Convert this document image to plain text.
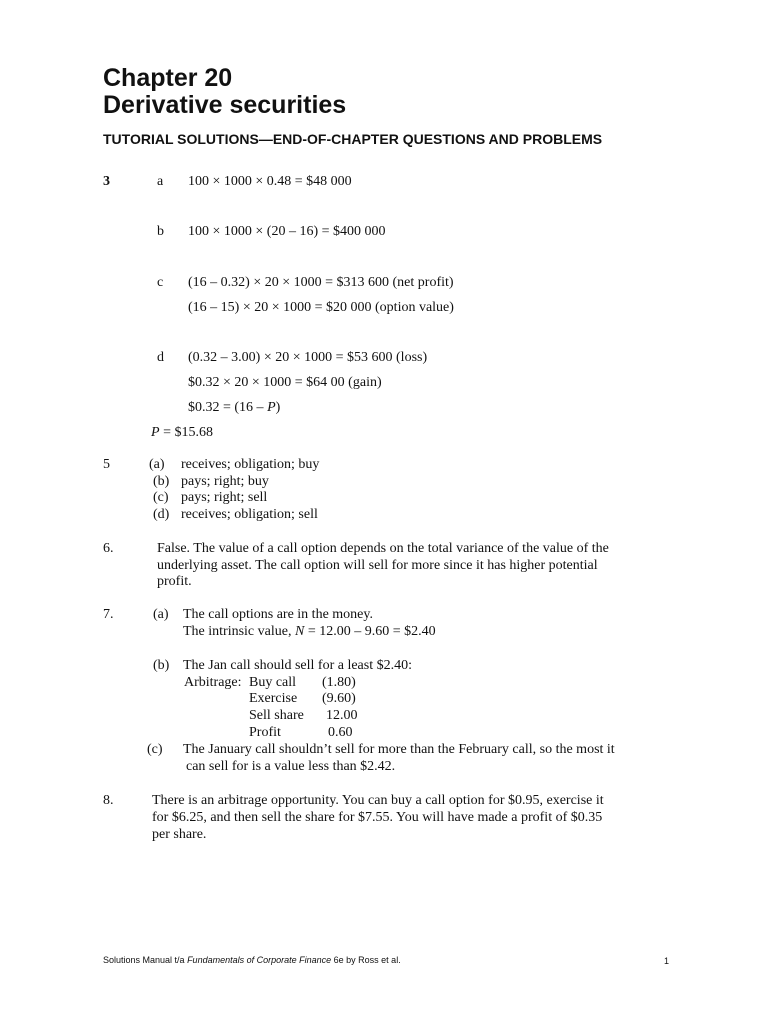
Chapter 20
Derivative securities
TUTORIAL SOLUTIONS—END-OF-CHAPTER QUESTIONS AND PROBLEMS
3	a 100 × 1000 × 0.48 = $48 000
b 100 × 1000 × (20 – 16) = $400 000
c (16 – 0.32) × 20 × 1000 = $313 600 (net profit)
(16 – 15) × 20 × 1000 = $20 000 (option value)
d (0.32 – 3.00) × 20 × 1000 = $53 600 (loss)
$0.32 × 20 × 1000 = $64 00 (gain)
$0.32 = (16 – P)
P = $15.68
5	(a) receives; obligation; buy
(b) pays; right; buy
(c) pays; right; sell
(d) receives; obligation; sell
6.	False. The value of a call option depends on the total variance of the value of the
underlying asset. The call option will sell for more since it has higher potential
profit.
7.	(a) The call options are in the money.
The intrinsic value, N = 12.00 – 9.60 = $2.40
(b) The Jan call should sell for a least $2.40:
Arbitrage: Buy call (1.80)
Exercise (9.60)
Sell share 12.00
Profit	0.60
(c) The January call shouldn’t sell for more than the February call, so the most it
can sell for is a value less than $2.42.
8.	There is an arbitrage opportunity. You can buy a call option for $0.95, exercise it
for $6.25, and then sell the share for $7.55. You will have made a profit of $0.35
per share.
Solutions Manual t/a Fundamentals of Corporate Finance 6e by Ross et al.	1
